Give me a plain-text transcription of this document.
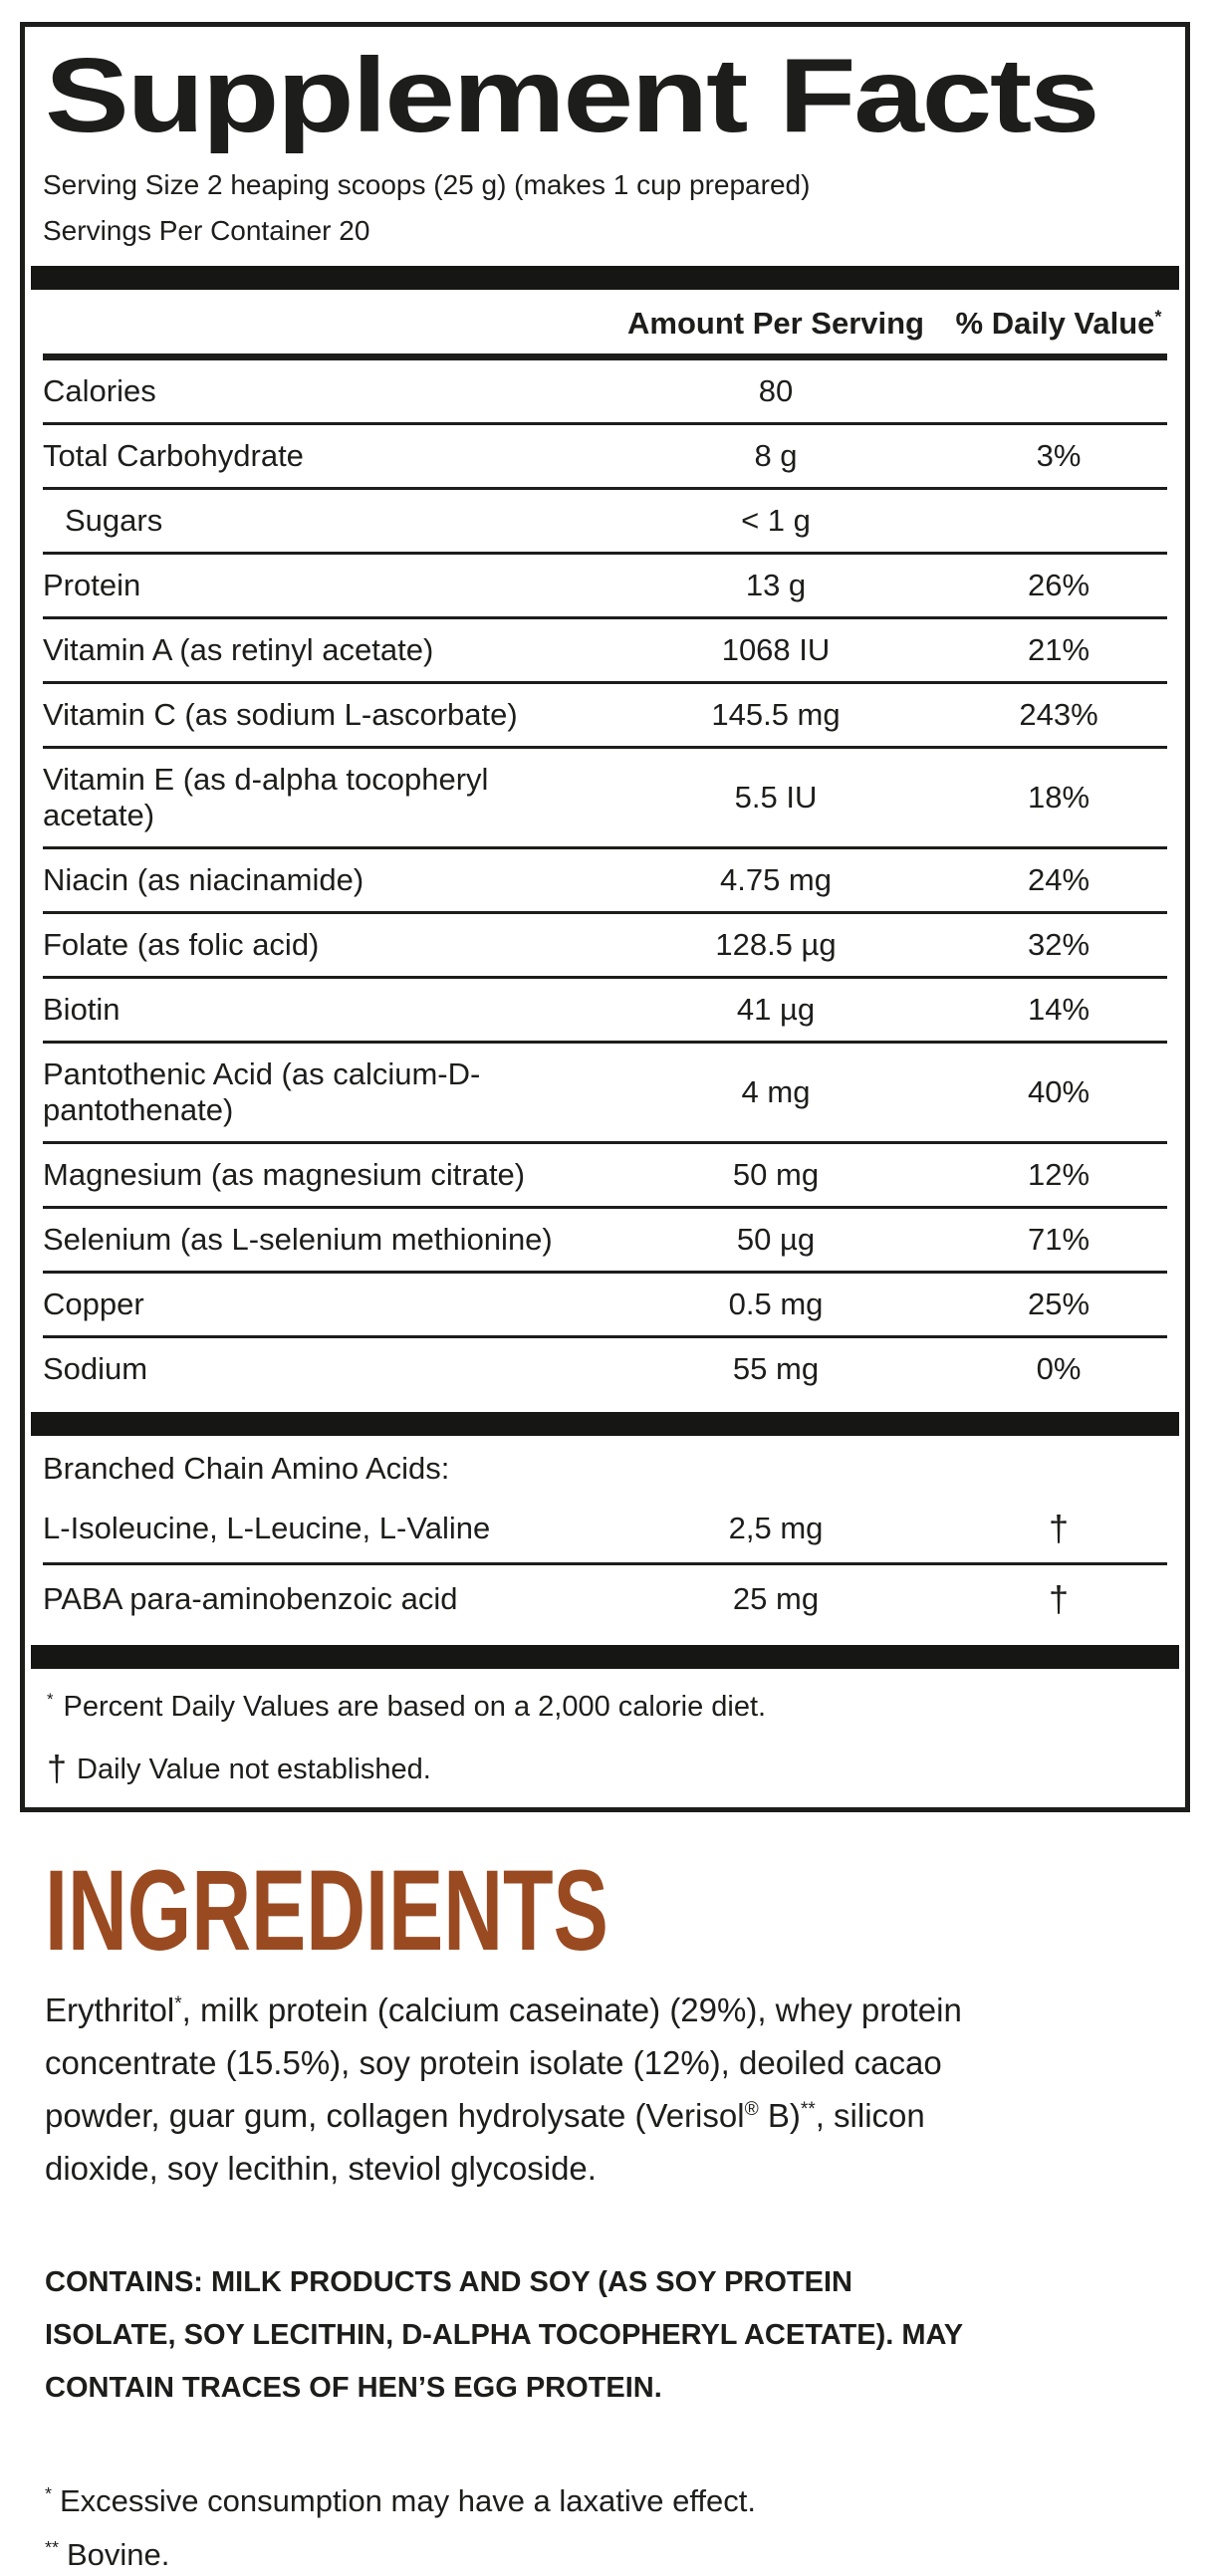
Supplement Facts

Serving Size 2 heaping scoops (25 g) (makes 1 cup prepared)

Servings Per Container 20

Amount Per Serving	% Daily Value*
Calories	80
Total Carbohydrate	8 g	3%
Sugars	< 1 g
Protein	13 g	26%
Vitamin A (as retinyl acetate)	1068 IU	21%
Vitamin C (as sodium L-ascorbate)	145.5 mg	243%
Vitamin E (as d-alpha tocopheryl acetate)
5.5 IU	18%
Niacin (as niacinamide)	4.75 mg	24%
Folate (as folic acid)	128.5 µg	32%
Biotin	41 µg	14%
Pantothenic Acid (as calcium-D-pantothenate)
4 mg	40%
Magnesium (as magnesium citrate)	50 mg	12%
Selenium (as L-selenium methionine)	50 µg	71%
Copper	0.5 mg	25%
Sodium	55 mg	0%
Branched Chain Amino Acids:
L-Isoleucine, L-Leucine, L-Valine	2,5 mg	†
PABA para-aminobenzoic acid	25 mg	†

* Percent Daily Values are based on a 2,000 calorie diet.

† Daily Value not established.

INGREDIENTS

Erythritol*, milk protein (calcium caseinate) (29%), whey protein concentrate (15.5%), soy protein isolate (12%), deoiled cacao powder, guar gum, collagen hydrolysate (Verisol® B)**, silicon dioxide, soy lecithin, steviol glycoside.

CONTAINS: MILK PRODUCTS AND SOY (AS SOY PROTEIN ISOLATE, SOY LECITHIN, D-ALPHA TOCOPHERYL ACETATE). MAY CONTAIN TRACES OF HEN’S EGG PROTEIN.

* Excessive consumption may have a laxative effect.

** Bovine.
